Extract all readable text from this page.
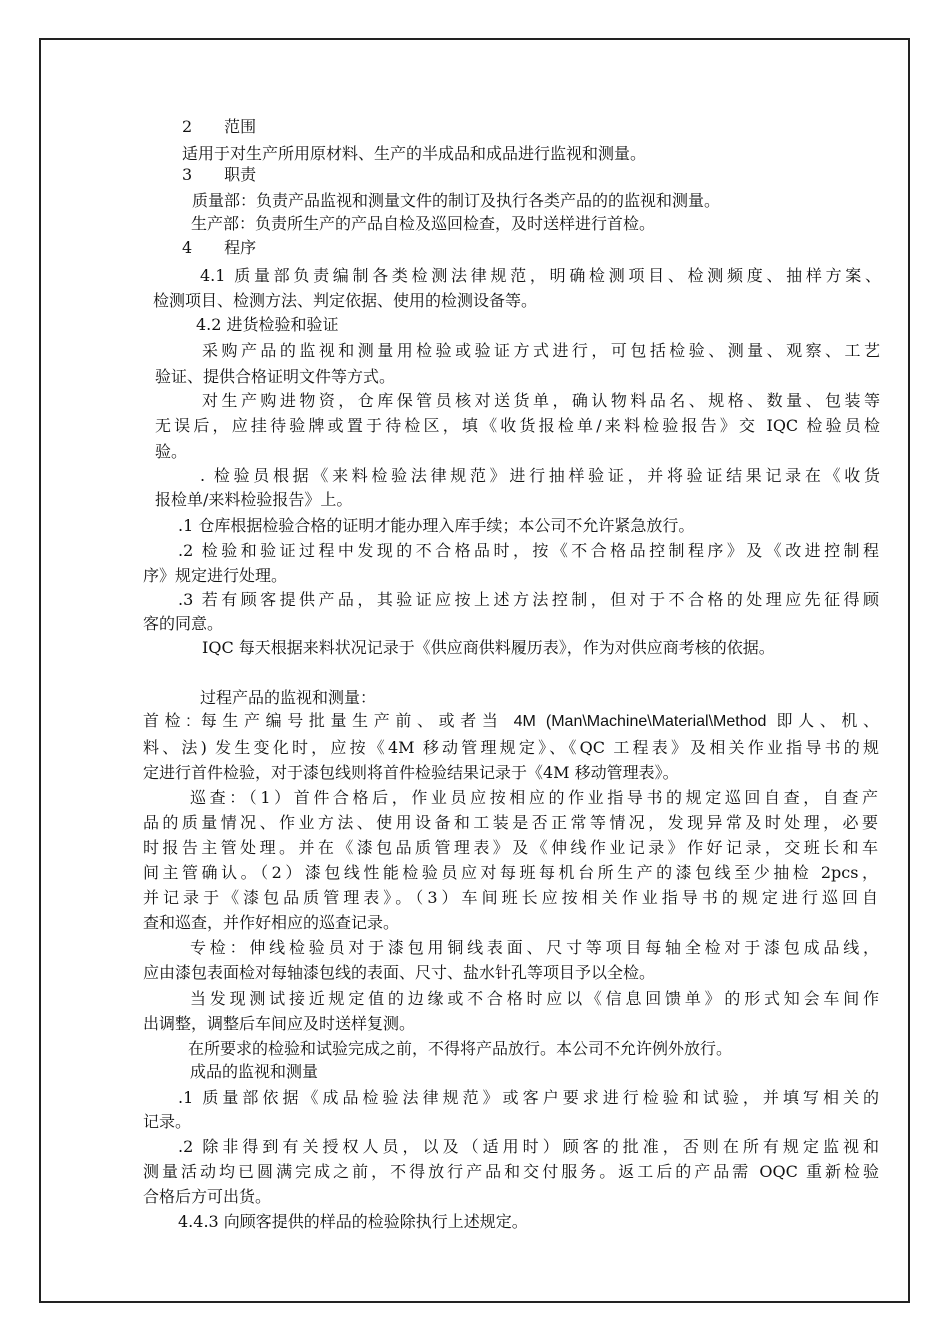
2　　范围

适用于对生产所用原材料、生产的半成品和成品进行监视和测量。

3　　职责

质量部：负责产品监视和测量文件的制订及执行各类产品的的监视和测量。

生产部：负责所生产的产品自检及巡回检查，及时送样进行首检。

4　　程序

4.1 质量部负责编制各类检测法律规范，明确检测项目、检测频度、抽样方案、

检测项目、检测方法、判定依据、使用的检测设备等。

4.2 进货检验和验证

采购产品的监视和测量用检验或验证方式进行，可包括检验、测量、观察、工艺

验证、提供合格证明文件等方式。

对生产购进物资，仓库保管员核对送货单，确认物料品名、规格、数量、包装等

无误后，应挂待验牌或置于待检区，填《收货报检单/来料检验报告》交 IQC 检验员检

验。

. 检验员根据《来料检验法律规范》进行抽样验证，并将验证结果记录在《收货

报检单/来料检验报告》上。

.1 仓库根据检验合格的证明才能办理入库手续；本公司不允许紧急放行。

.2 检验和验证过程中发现的不合格品时，按《不合格品控制程序》及《改进控制程

序》规定进行处理。

.3 若有顾客提供产品，其验证应按上述方法控制，但对于不合格的处理应先征得顾

客的同意。

IQC 每天根据来料状况记录于《供应商供料履历表》，作为对供应商考核的依据。

过程产品的监视和测量：

首检: 每生产编号批量生产前、或者当 4M (Man\Machine\Material\Method 即人、机、

料、法) 发生变化时，应按《4M 移动管理规定》、《QC 工程表》及相关作业指导书的规

定进行首件检验，对于漆包线则将首件检验结果记录于《4M 移动管理表》。

巡查：（1）首件合格后，作业员应按相应的作业指导书的规定巡回自查，自查产

品的质量情况、作业方法、使用设备和工装是否正常等情况，发现异常及时处理，必要

时报告主管处理。并在《漆包品质管理表》及《伸线作业记录》作好记录，交班长和车

间主管确认。（2）漆包线性能检验员应对每班每机台所生产的漆包线至少抽检 2pcs，

并记录于《漆包品质管理表》。（3）车间班长应按相关作业指导书的规定进行巡回自

查和巡查，并作好相应的巡查记录。

专检：伸线检验员对于漆包用铜线表面、尺寸等项目每轴全检对于漆包成品线，

应由漆包表面检对每轴漆包线的表面、尺寸、盐水针孔等项目予以全检。

当发现测试接近规定值的边缘或不合格时应以《信息回馈单》的形式知会车间作

出调整，调整后车间应及时送样复测。

在所要求的检验和试验完成之前，不得将产品放行。本公司不允许例外放行。

成品的监视和测量

.1 质量部依据《成品检验法律规范》或客户要求进行检验和试验，并填写相关的

记录。

.2 除非得到有关授权人员，以及（适用时）顾客的批准，否则在所有规定监视和

测量活动均已圆满完成之前，不得放行产品和交付服务。返工后的产品需 OQC 重新检验

合格后方可出货。

4.4.3 向顾客提供的样品的检验除执行上述规定。
